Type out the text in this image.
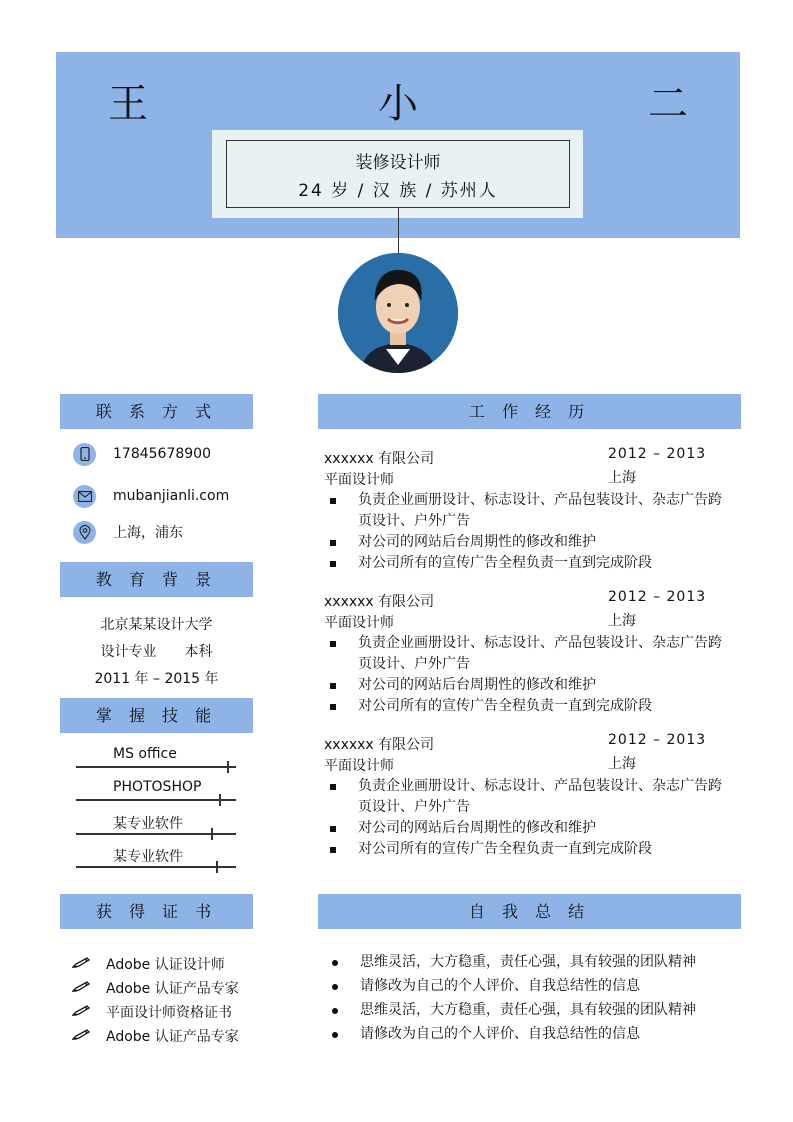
王	小	二
装修设计师
24 岁 / 汉 族 / 苏州人
联 系 方 式
17845678900
mubanjianli.com
上海，浦东
教 育 背 景
北京某某设计大学
设计专业 本科
2011 年 – 2015 年
掌 握 技 能
MS office
PHOTOSHOP
某专业软件
某专业软件
获 得 证 书
Adobe 认证设计师
Adobe 认证产品专家
平面设计师资格证书
Adobe 认证产品专家
工 作 经 历
xxxxxx 有限公司	2012 – 2013
平面设计师	上海
负责企业画册设计、标志设计、产品包装设计、杂志广告跨页设计、户外广告
对公司的网站后台周期性的修改和维护
对公司所有的宣传广告全程负责一直到完成阶段
xxxxxx 有限公司	2012 – 2013
平面设计师	上海
负责企业画册设计、标志设计、产品包装设计、杂志广告跨页设计、户外广告
对公司的网站后台周期性的修改和维护
对公司所有的宣传广告全程负责一直到完成阶段
xxxxxx 有限公司	2012 – 2013
平面设计师	上海
负责企业画册设计、标志设计、产品包装设计、杂志广告跨页设计、户外广告
对公司的网站后台周期性的修改和维护
对公司所有的宣传广告全程负责一直到完成阶段
自 我 总 结
思维灵活，大方稳重，责任心强，具有较强的团队精神
请修改为自己的个人评价、自我总结性的信息
思维灵活，大方稳重，责任心强，具有较强的团队精神
请修改为自己的个人评价、自我总结性的信息
